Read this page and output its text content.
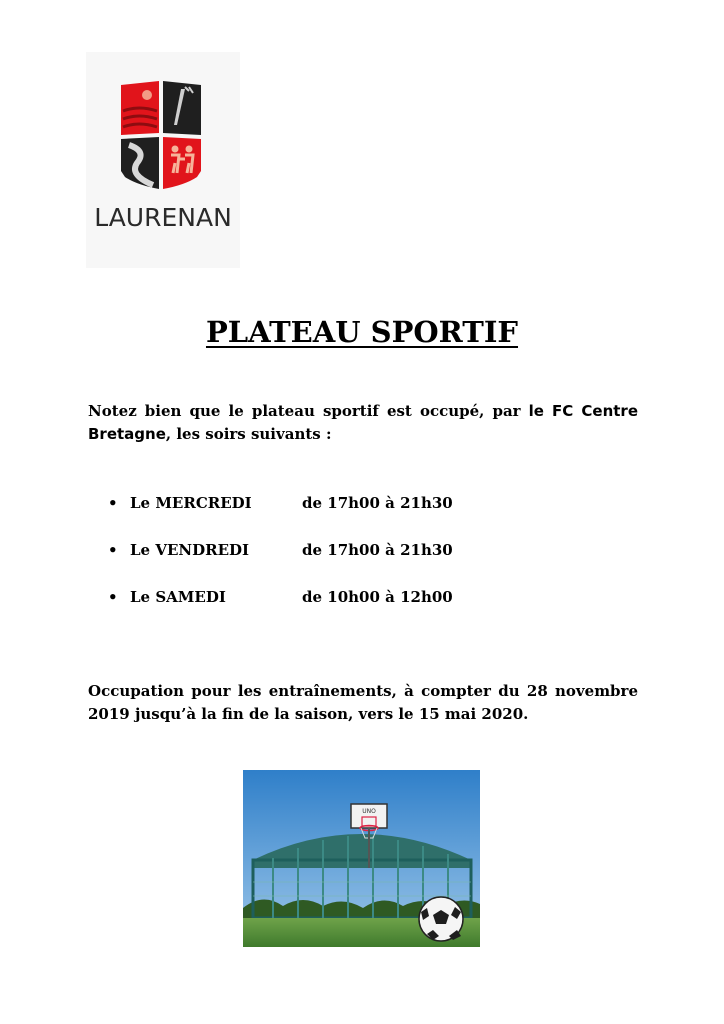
LAURENAN
PLATEAU SPORTIF
Notez bien que le plateau sportif est occupé, par le FC Centre Bretagne, les soirs suivants :
• Le MERCREDI	de 17h00 à 21h30
• Le VENDREDI	de 17h00 à 21h30
• Le SAMEDI	de 10h00 à 12h00
Occupation pour les entraînements, à compter du 28 novembre 2019 jusqu’à la fin de la saison, vers le 15 mai 2020.
UNO
